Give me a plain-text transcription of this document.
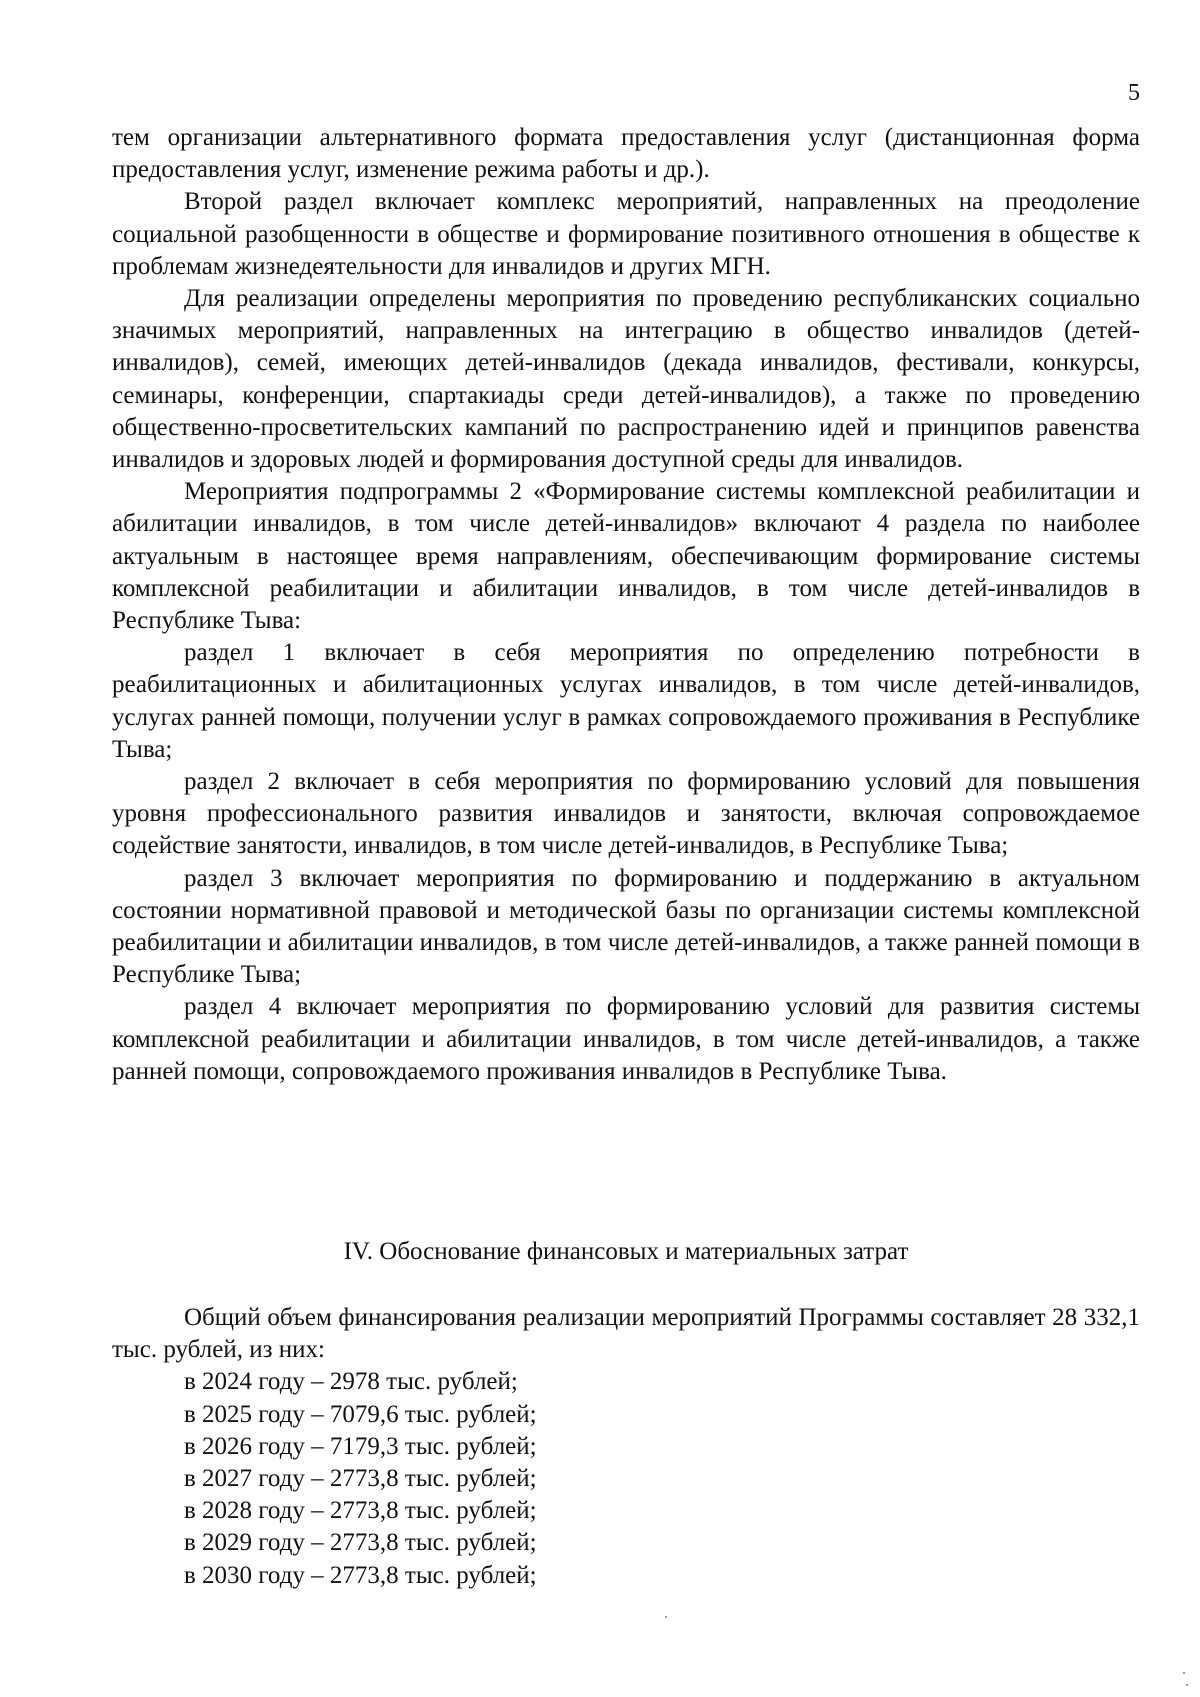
5

тем организации альтернативного формата предоставления услуг (дистанционная форма предоставления услуг, изменение режима работы и др.).

Второй раздел включает комплекс мероприятий, направленных на преодоление социальной разобщенности в обществе и формирование позитивного отношения в обществе к проблемам жизнедеятельности для инвалидов и других МГН.

Для реализации определены мероприятия по проведению республиканских социально значимых мероприятий, направленных на интеграцию в общество инвалидов (детей-инвалидов), семей, имеющих детей-инвалидов (декада инвалидов, фестивали, конкурсы, семинары, конференции, спартакиады среди детей-инвалидов), а также по проведению общественно-просветительских кампаний по распространению идей и принципов равенства инвалидов и здоровых людей и формирования доступной среды для инвалидов.

Мероприятия подпрограммы 2 «Формирование системы комплексной реабилитации и абилитации инвалидов, в том числе детей-инвалидов» включают 4 раздела по наиболее актуальным в настоящее время направлениям, обеспечивающим формирование системы комплексной реабилитации и абилитации инвалидов, в том числе детей-инвалидов в Республике Тыва:

раздел 1 включает в себя мероприятия по определению потребности в реабилитационных и абилитационных услугах инвалидов, в том числе детей-инвалидов, услугах ранней помощи, получении услуг в рамках сопровождаемого проживания в Республике Тыва;

раздел 2 включает в себя мероприятия по формированию условий для повышения уровня профессионального развития инвалидов и занятости, включая сопровождаемое содействие занятости, инвалидов, в том числе детей-инвалидов, в Республике Тыва;

раздел 3 включает мероприятия по формированию и поддержанию в актуальном состоянии нормативной правовой и методической базы по организации системы комплексной реабилитации и абилитации инвалидов, в том числе детей-инвалидов, а также ранней помощи в Республике Тыва;

раздел 4 включает мероприятия по формированию условий для развития системы комплексной реабилитации и абилитации инвалидов, в том числе детей-инвалидов, а также ранней помощи, сопровождаемого проживания инвалидов в Республике Тыва.

IV. Обоснование финансовых и материальных затрат

Общий объем финансирования реализации мероприятий Программы составляет 28 332,1 тыс. рублей, из них:

в 2024 году – 2978 тыс. рублей;
в 2025 году – 7079,6 тыс. рублей;
в 2026 году – 7179,3 тыс. рублей;
в 2027 году – 2773,8 тыс. рублей;
в 2028 году – 2773,8 тыс. рублей;
в 2029 году – 2773,8 тыс. рублей;
в 2030 году – 2773,8 тыс. рублей;
